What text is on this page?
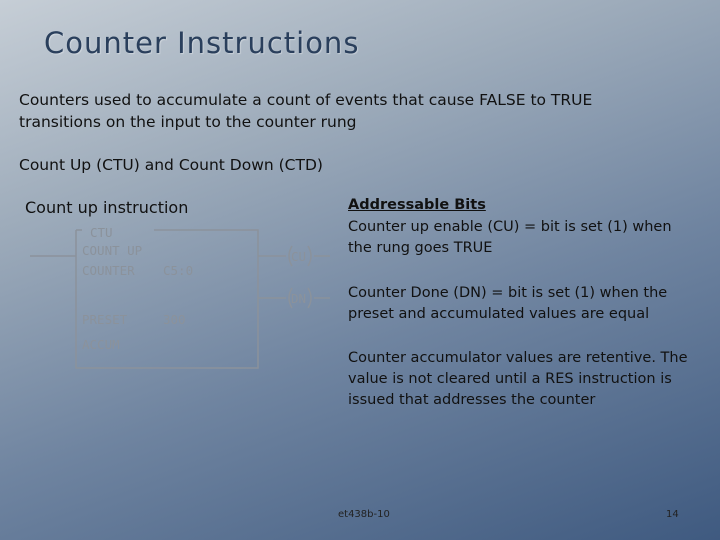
Counter Instructions
Counters used to accumulate a count of events that cause FALSE to TRUE transitions on the input to the counter rung
Count Up (CTU) and Count Down (CTD)
Count up instruction
CTU
COUNT UP
COUNTER C5:0
PRESET	300
ACCUM
CU
DN
Addressable Bits
Counter up enable (CU) = bit is set (1) when the rung goes TRUE
Counter Done (DN) = bit is set (1) when the preset and accumulated values are equal
Counter accumulator values are retentive. The value is not cleared until a RES instruction is issued that addresses the counter
et438b-10	14
